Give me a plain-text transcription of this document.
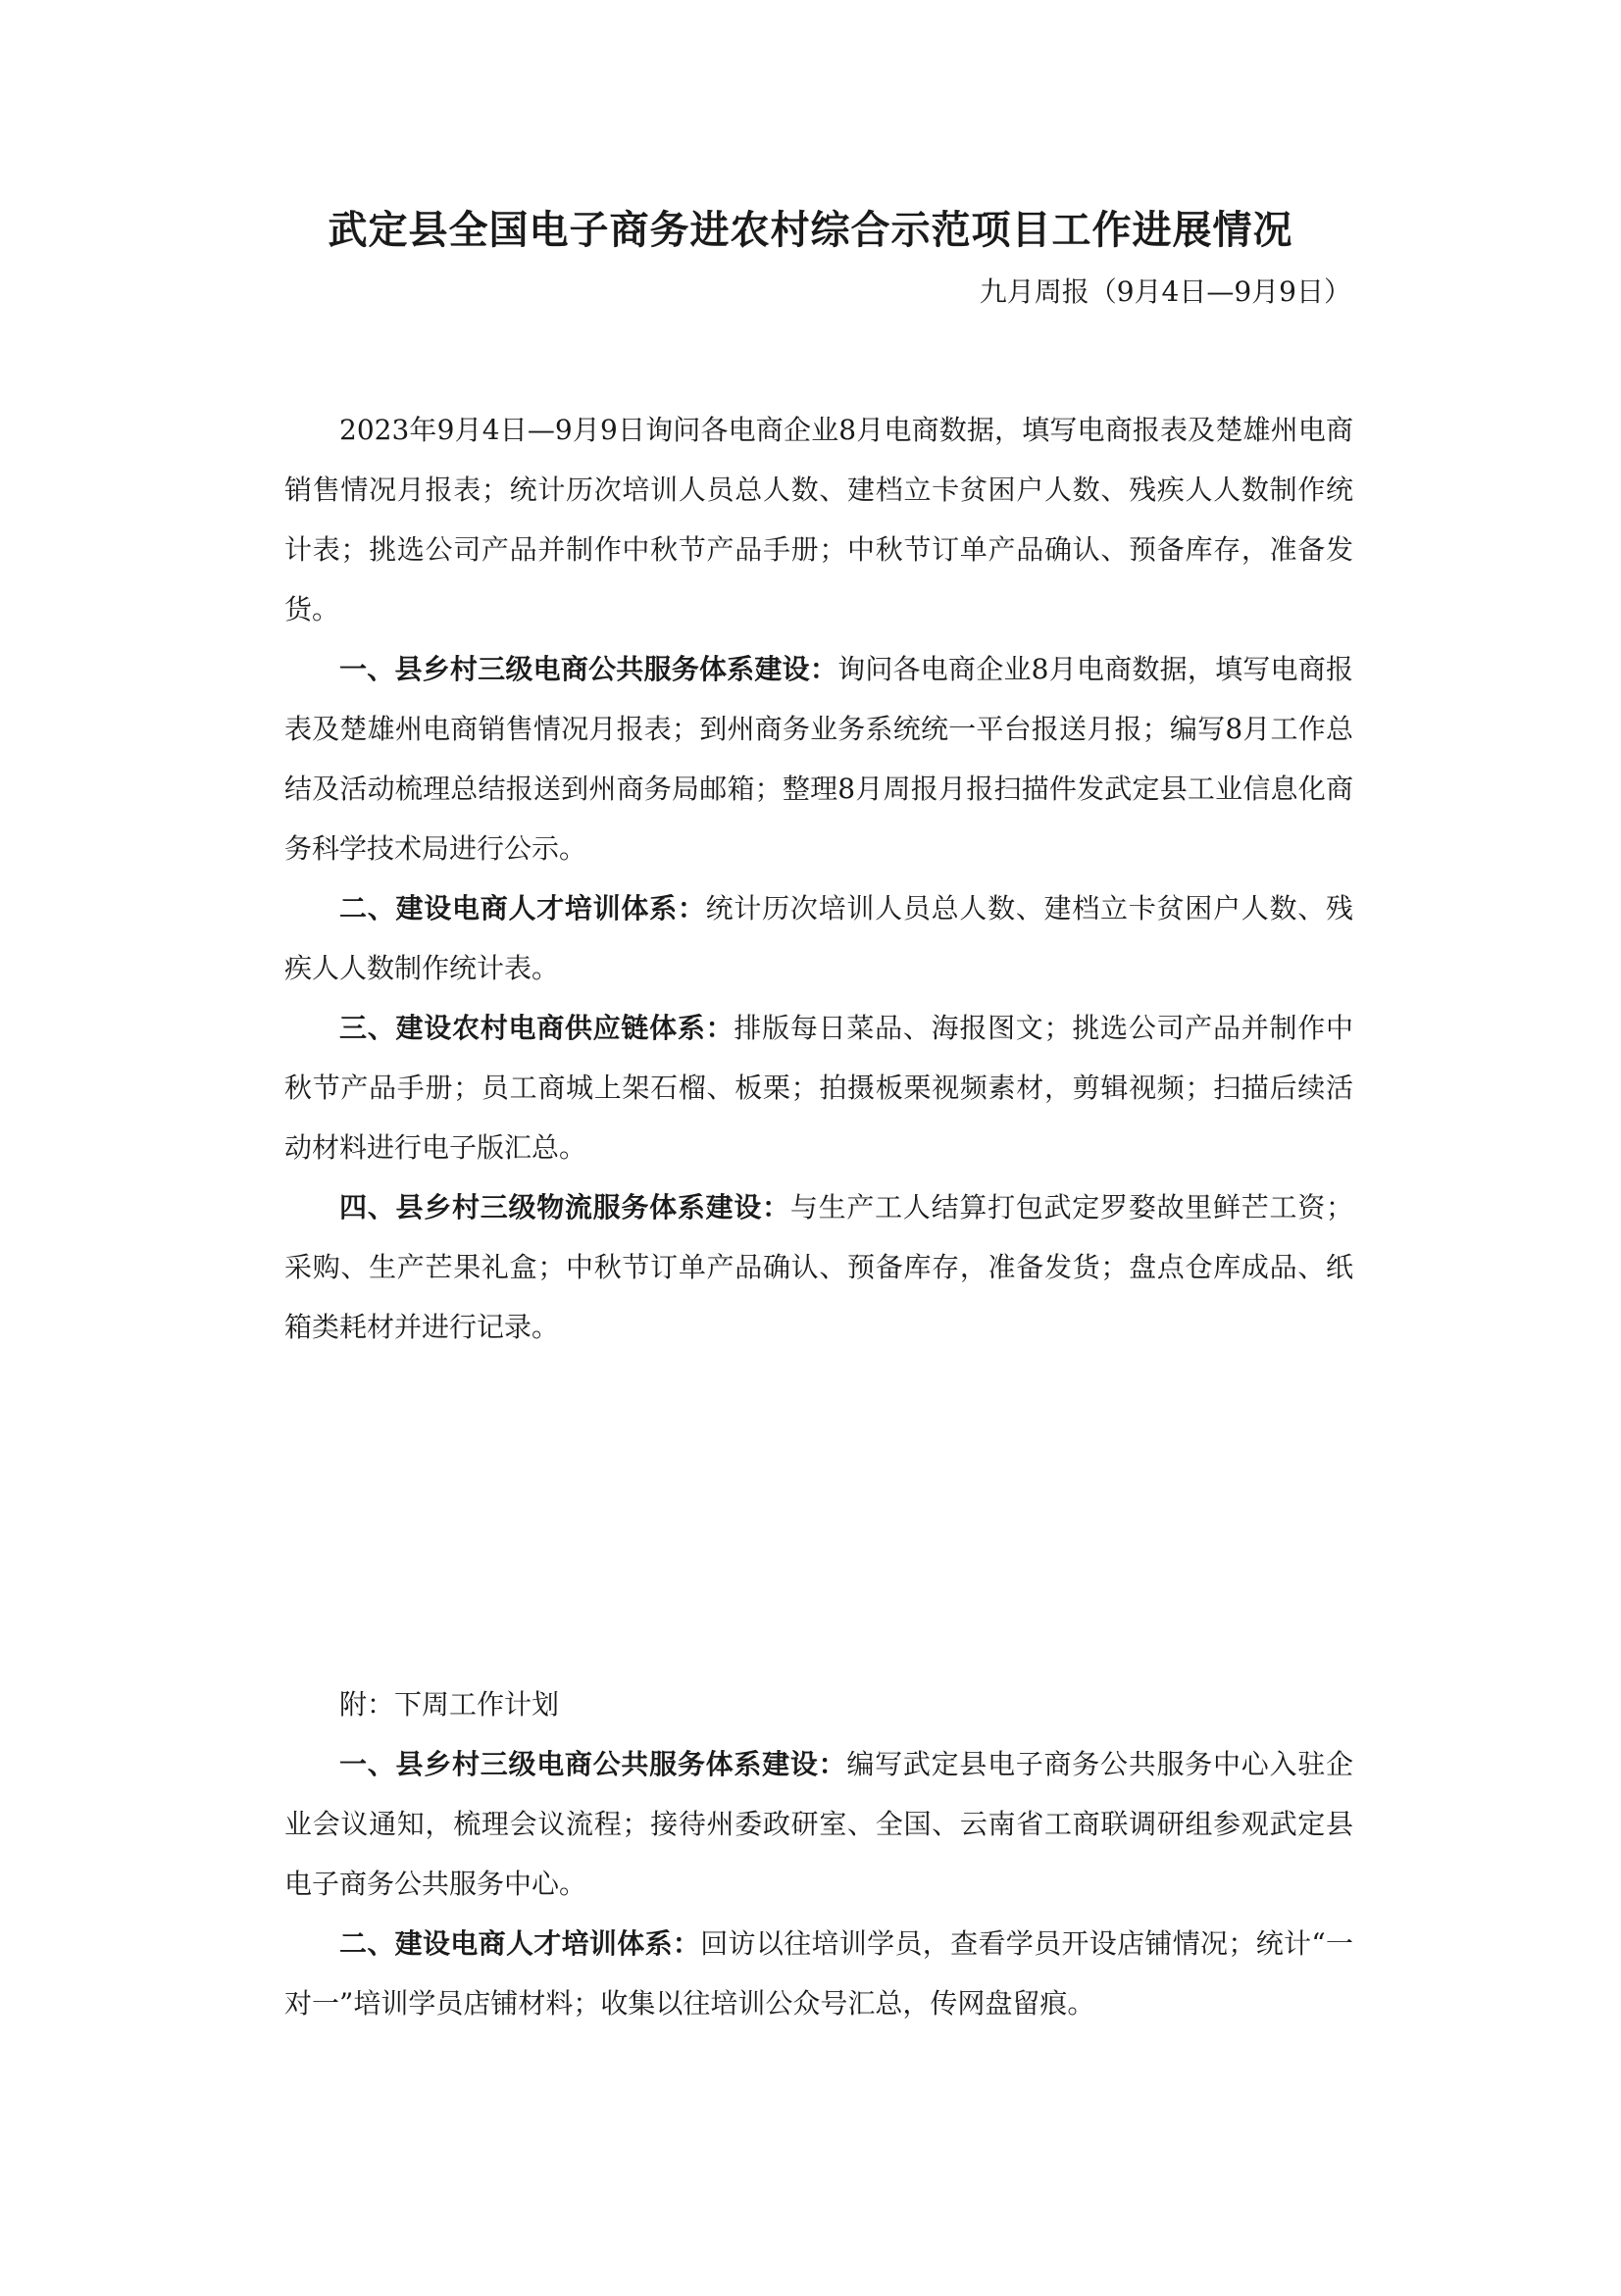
武定县全国电子商务进农村综合示范项目工作进展情况
九月周报（9月4日—9月9日）

2023年9月4日—9月9日询问各电商企业8月电商数据，填写电商报表及楚雄州电商销售情况月报表；统计历次培训人员总人数、建档立卡贫困户人数、残疾人人数制作统计表；挑选公司产品并制作中秋节产品手册；中秋节订单产品确认、预备库存，准备发货。

一、县乡村三级电商公共服务体系建设：询问各电商企业8月电商数据，填写电商报表及楚雄州电商销售情况月报表；到州商务业务系统统一平台报送月报；编写8月工作总结及活动梳理总结报送到州商务局邮箱；整理8月周报月报扫描件发武定县工业信息化商务科学技术局进行公示。

二、建设电商人才培训体系：统计历次培训人员总人数、建档立卡贫困户人数、残疾人人数制作统计表。

三、建设农村电商供应链体系：排版每日菜品、海报图文；挑选公司产品并制作中秋节产品手册；员工商城上架石榴、板栗；拍摄板栗视频素材，剪辑视频；扫描后续活动材料进行电子版汇总。

四、县乡村三级物流服务体系建设：与生产工人结算打包武定罗婺故里鲜芒工资；采购、生产芒果礼盒；中秋节订单产品确认、预备库存，准备发货；盘点仓库成品、纸箱类耗材并进行记录。

附：下周工作计划

一、县乡村三级电商公共服务体系建设：编写武定县电子商务公共服务中心入驻企业会议通知，梳理会议流程；接待州委政研室、全国、云南省工商联调研组参观武定县电子商务公共服务中心。

二、建设电商人才培训体系：回访以往培训学员，查看学员开设店铺情况；统计“一对一”培训学员店铺材料；收集以往培训公众号汇总，传网盘留痕。
